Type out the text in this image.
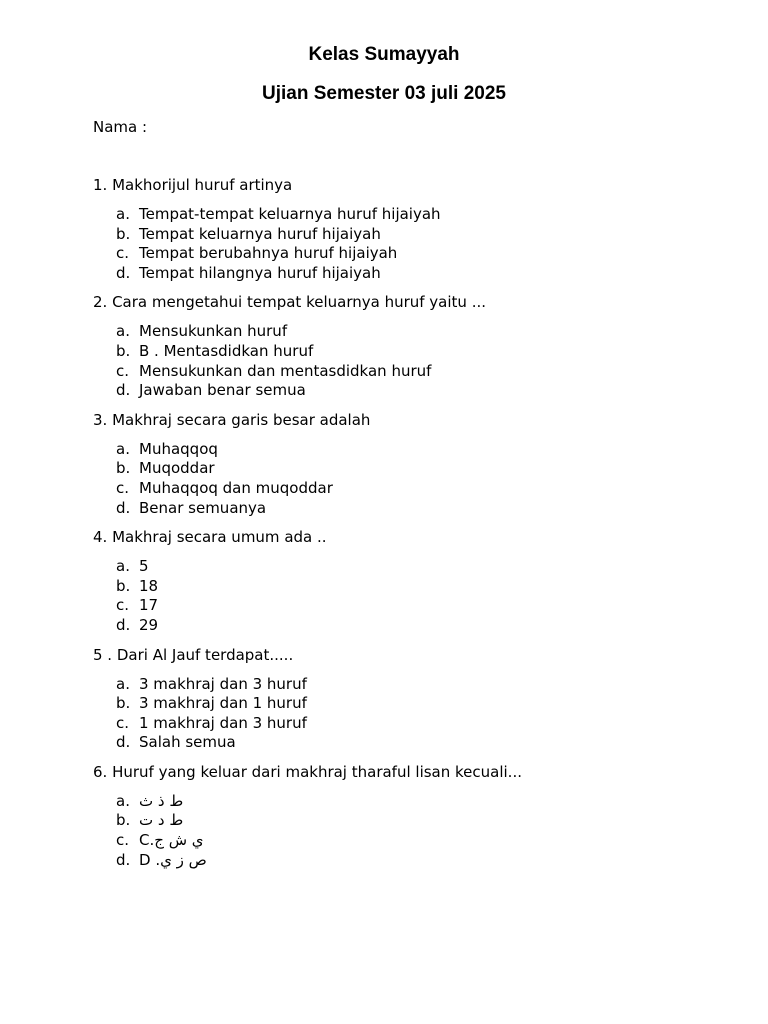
Kelas Sumayyah
Ujian Semester 03 juli 2025
Nama :
1. Makhorijul huruf artinya
a. Tempat-tempat keluarnya huruf hijaiyah
b. Tempat keluarnya huruf hijaiyah
c. Tempat berubahnya huruf hijaiyah
d. Tempat hilangnya huruf hijaiyah
2. Cara mengetahui tempat keluarnya huruf yaitu ...
a. Mensukunkan huruf
b. B . Mentasdidkan huruf
c. Mensukunkan dan mentasdidkan huruf
d. Jawaban benar semua
3. Makhraj secara garis besar adalah
a. Muhaqqoq
b. Muqoddar
c. Muhaqqoq dan muqoddar
d. Benar semuanya
4. Makhraj secara umum ada ..
a. 5
b. 18
c. 17
d. 29
5 . Dari Al Jauf terdapat.....
a. 3 makhraj dan 3 huruf
b. 3 makhraj dan 1 huruf
c. 1 makhraj dan 3 huruf
d. Salah semua
6. Huruf yang keluar dari makhraj tharaful lisan kecuali...
a. ط ذ ث
b. ط د ت
c. C.ي ش ج
d. D .ص ز ي
